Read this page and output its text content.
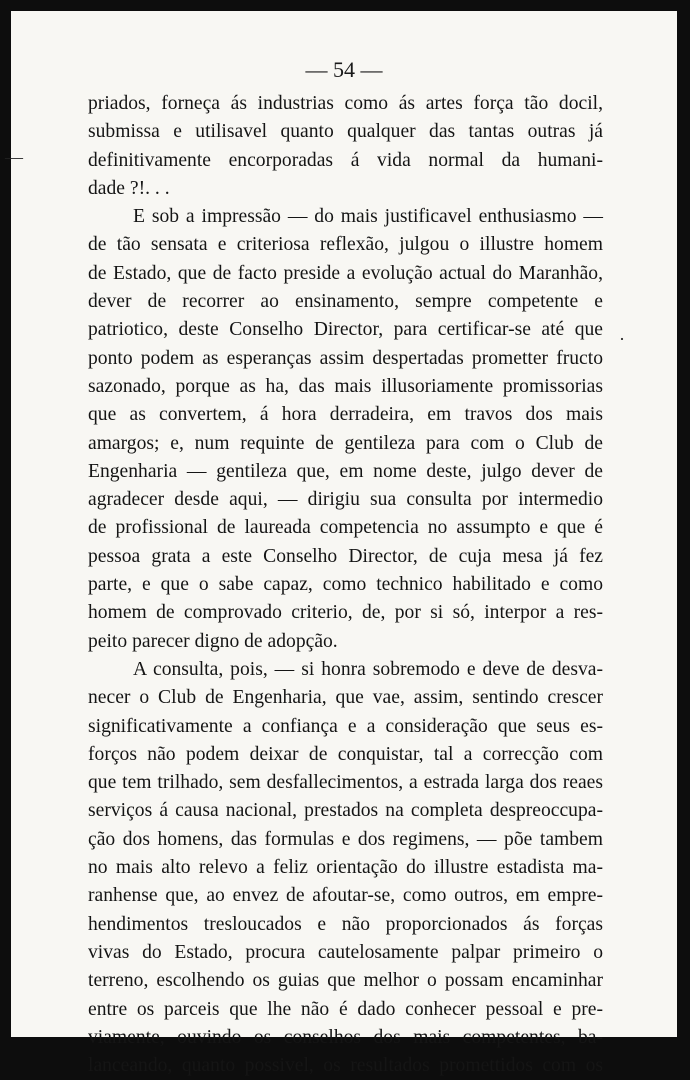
— 54 —
—
·
priados, forneça ás industrias como ás artes força tão docil,
submissa e utilisavel quanto qualquer das tantas outras já
definitivamente encorporadas á vida normal da humani-
dade ?!. . .
E sob a impressão — do mais justificavel enthusiasmo —
de tão sensata e criteriosa reflexão, julgou o illustre homem
de Estado, que de facto preside a evolução actual do Maranhão,
dever de recorrer ao ensinamento, sempre competente e
patriotico, deste Conselho Director, para certificar-se até que
ponto podem as esperanças assim despertadas prometter fructo
sazonado, porque as ha, das mais illusoriamente promissorias
que as convertem, á hora derradeira, em travos dos mais
amargos; e, num requinte de gentileza para com o Club de
Engenharia — gentileza que, em nome deste, julgo dever de
agradecer desde aqui, — dirigiu sua consulta por intermedio
de profissional de laureada competencia no assumpto e que é
pessoa grata a este Conselho Director, de cuja mesa já fez
parte, e que o sabe capaz, como technico habilitado e como
homem de comprovado criterio, de, por si só, interpor a res-
peito parecer digno de adopção.
A consulta, pois, — si honra sobremodo e deve de desva-
necer o Club de Engenharia, que vae, assim, sentindo crescer
significativamente a confiança e a consideração que seus es-
forços não podem deixar de conquistar, tal a correcção com
que tem trilhado, sem desfallecimentos, a estrada larga dos reaes
serviços á causa nacional, prestados na completa despreoccupa-
ção dos homens, das formulas e dos regimens, — põe tambem
no mais alto relevo a feliz orientação do illustre estadista ma-
ranhense que, ao envez de afoutar-se, como outros, em empre-
hendimentos tresloucados e não proporcionados ás forças
vivas do Estado, procura cautelosamente palpar primeiro o
terreno, escolhendo os guias que melhor o possam encaminhar
entre os parceis que lhe não é dado conhecer pessoal e pre-
viamente, ouvindo os conselhos dos mais competentes, ba-
lanceando, quanto possivel, os resultados promettidos com os
